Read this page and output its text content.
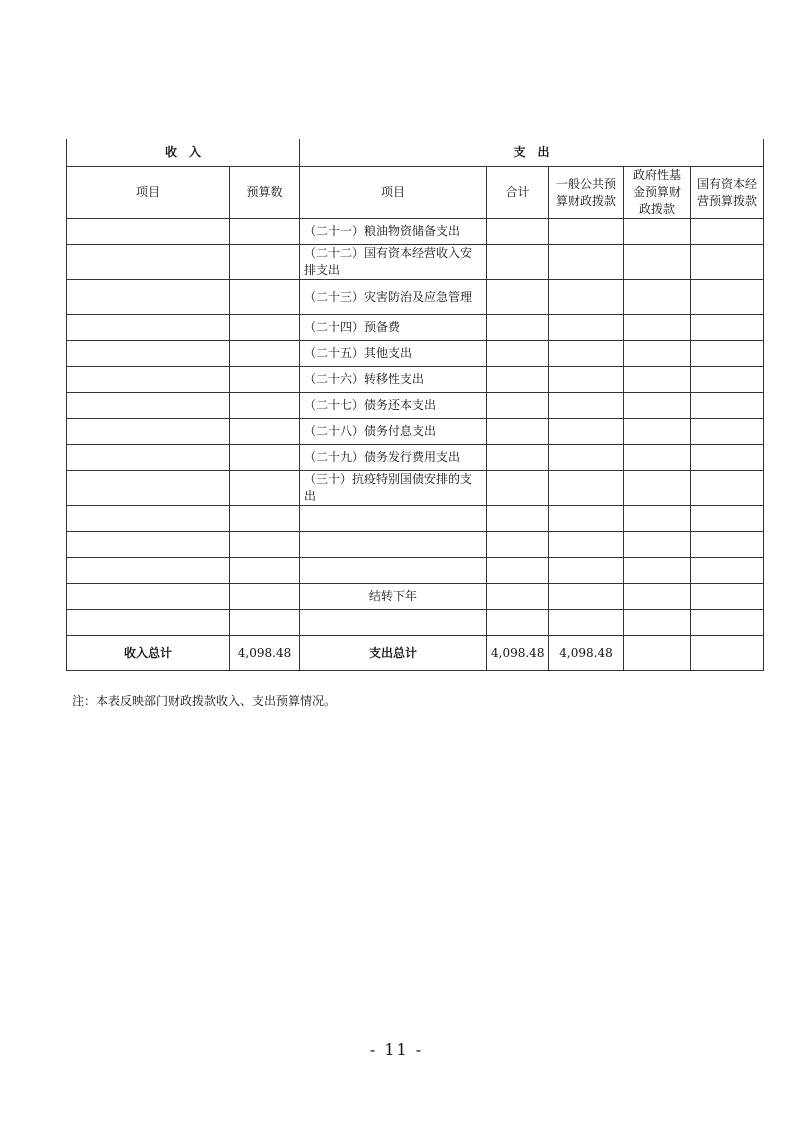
收　入		支　出				
项目	预算数	项目	合计	一般公共预算财政拨款	政府性基金预算财政拨款	国有资本经营预算拨款
		（二十一）粮油物资储备支出				
		（二十二）国有资本经营收入安排支出				
		（二十三）灾害防治及应急管理				
		（二十四）预备费				
		（二十五）其他支出				
		（二十六）转移性支出				
		（二十七）债务还本支出				
		（二十八）债务付息支出				
		（二十九）债务发行费用支出				
		（三十）抗疫特别国债安排的支出				

		结转下年				

收入总计	4,098.48	支出总计	4,098.48	4,098.48		
注：本表反映部门财政拨款收入、支出预算情况。
- 11 -
